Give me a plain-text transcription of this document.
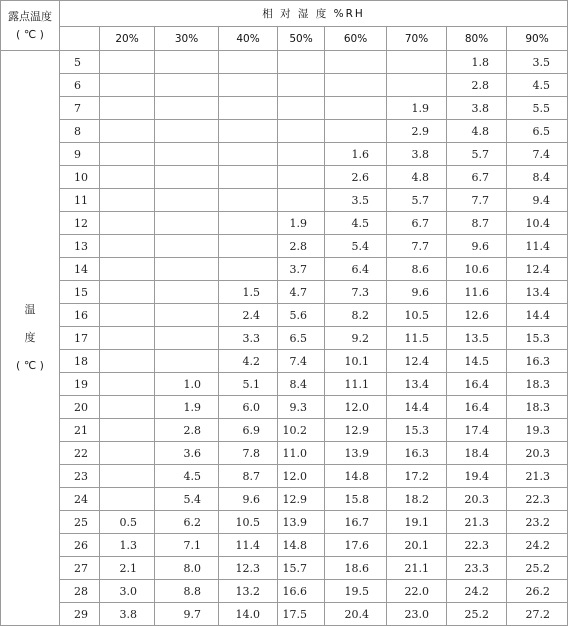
露点温度
( ℃ )	相 对 湿 度 %RH								
		20%	30%	40%	50%	60%	70%	80%	90%

温
度
( ℃ )	5							1.8	3.5
	6							2.8	4.5
	7						1.9	3.8	5.5
	8						2.9	4.8	6.5
	9					1.6	3.8	5.7	7.4
	10					2.6	4.8	6.7	8.4
	11					3.5	5.7	7.7	9.4
	12				1.9	4.5	6.7	8.7	10.4
	13				2.8	5.4	7.7	9.6	11.4
	14				3.7	6.4	8.6	10.6	12.4
	15			1.5	4.7	7.3	9.6	11.6	13.4
	16			2.4	5.6	8.2	10.5	12.6	14.4
	17			3.3	6.5	9.2	11.5	13.5	15.3
	18			4.2	7.4	10.1	12.4	14.5	16.3
	19		1.0	5.1	8.4	11.1	13.4	16.4	18.3
	20		1.9	6.0	9.3	12.0	14.4	16.4	18.3
	21		2.8	6.9	10.2	12.9	15.3	17.4	19.3
	22		3.6	7.8	11.0	13.9	16.3	18.4	20.3
	23		4.5	8.7	12.0	14.8	17.2	19.4	21.3
	24		5.4	9.6	12.9	15.8	18.2	20.3	22.3
	25	0.5	6.2	10.5	13.9	16.7	19.1	21.3	23.2
	26	1.3	7.1	11.4	14.8	17.6	20.1	22.3	24.2
	27	2.1	8.0	12.3	15.7	18.6	21.1	23.3	25.2
	28	3.0	8.8	13.2	16.6	19.5	22.0	24.2	26.2
	29	3.8	9.7	14.0	17.5	20.4	23.0	25.2	27.2
